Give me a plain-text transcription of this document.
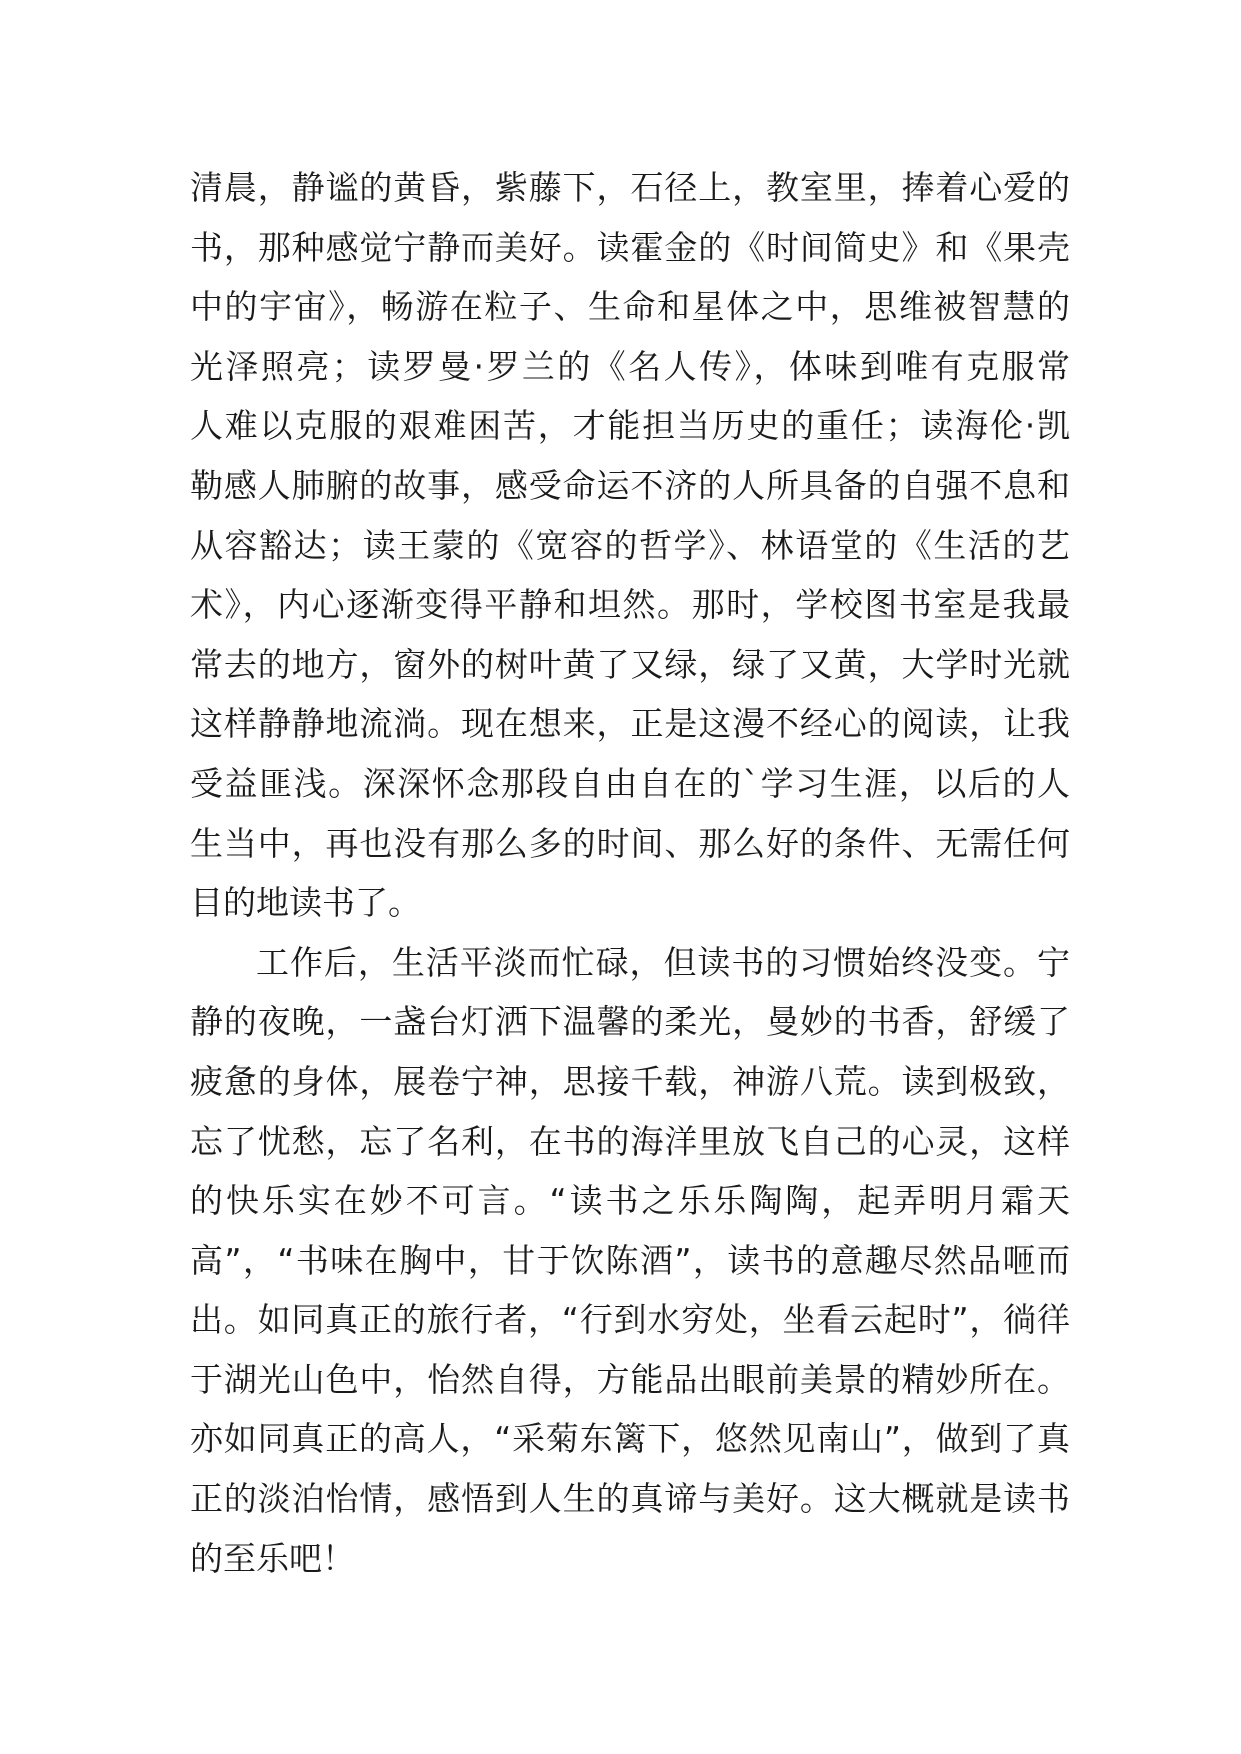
清晨，静谧的黄昏，紫藤下，石径上，教室里，捧着心爱的
书，那种感觉宁静而美好。读霍金的《时间简史》和《果壳
中的宇宙》，畅游在粒子、生命和星体之中，思维被智慧的
光泽照亮；读罗曼·罗兰的《名人传》，体味到唯有克服常
人难以克服的艰难困苦，才能担当历史的重任；读海伦·凯
勒感人肺腑的故事，感受命运不济的人所具备的自强不息和
从容豁达；读王蒙的《宽容的哲学》、林语堂的《生活的艺
术》，内心逐渐变得平静和坦然。那时，学校图书室是我最
常去的地方，窗外的树叶黄了又绿，绿了又黄，大学时光就
这样静静地流淌。现在想来，正是这漫不经心的阅读，让我
受益匪浅。深深怀念那段自由自在的`学习生涯，以后的人
生当中，再也没有那么多的时间、那么好的条件、无需任何
目的地读书了。
工作后，生活平淡而忙碌，但读书的习惯始终没变。宁
静的夜晚，一盏台灯洒下温馨的柔光，曼妙的书香，舒缓了
疲惫的身体，展卷宁神，思接千载，神游八荒。读到极致，
忘了忧愁，忘了名利，在书的海洋里放飞自己的心灵，这样
的快乐实在妙不可言。“读书之乐乐陶陶，起弄明月霜天
高”，“书味在胸中，甘于饮陈酒”，读书的意趣尽然品咂而
出。如同真正的旅行者，“行到水穷处，坐看云起时”，徜徉
于湖光山色中，怡然自得，方能品出眼前美景的精妙所在。
亦如同真正的高人，“采菊东篱下，悠然见南山”，做到了真
正的淡泊怡情，感悟到人生的真谛与美好。这大概就是读书
的至乐吧！
